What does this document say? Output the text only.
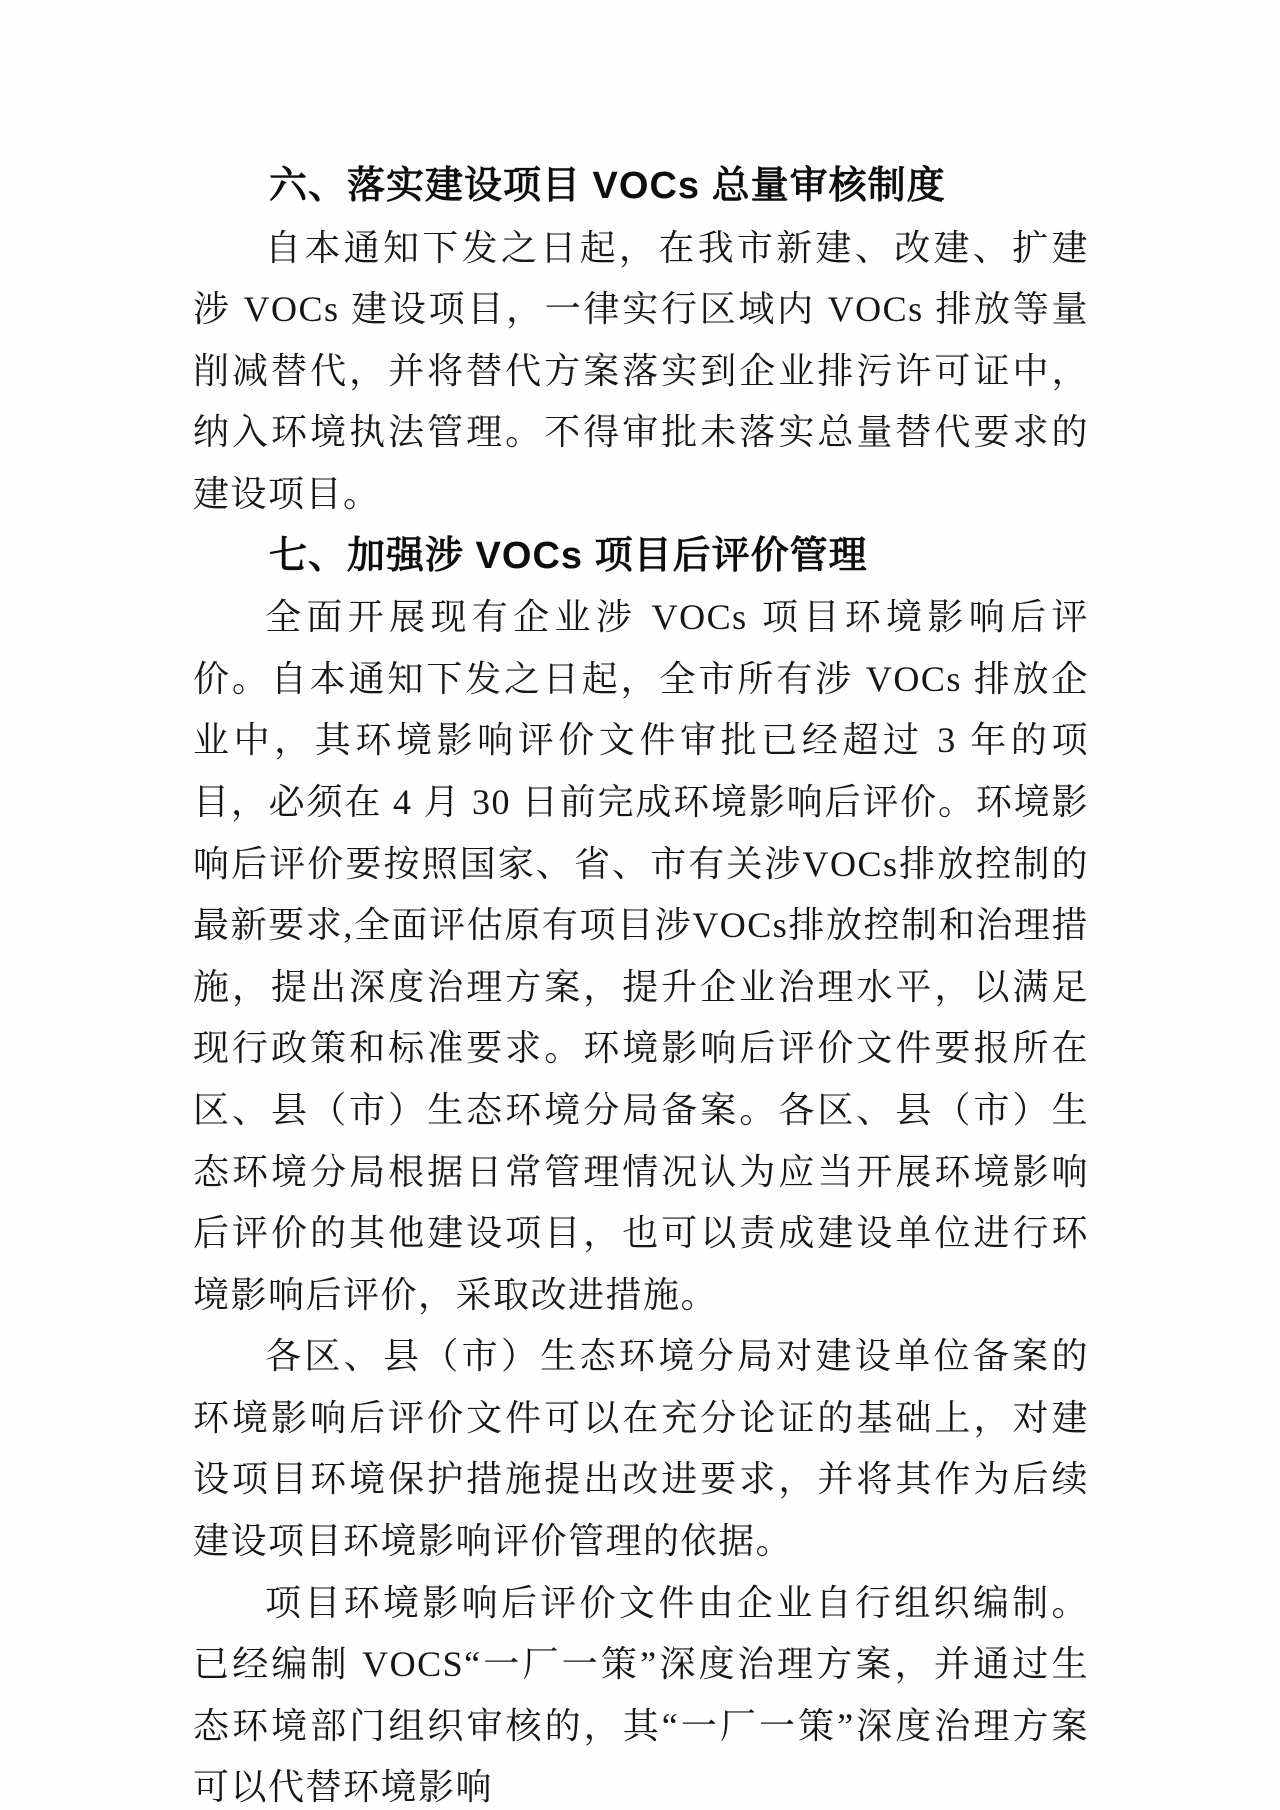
六、落实建设项目 VOCs 总量审核制度

自本通知下发之日起，在我市新建、改建、扩建涉 VOCs 建设项目，一律实行区域内 VOCs 排放等量削减替代，并将替代方案落实到企业排污许可证中，纳入环境执法管理。不得审批未落实总量替代要求的建设项目。

七、加强涉 VOCs 项目后评价管理

全面开展现有企业涉 VOCs 项目环境影响后评价。自本通知下发之日起，全市所有涉 VOCs 排放企业中，其环境影响评价文件审批已经超过 3 年的项目，必须在 4 月 30 日前完成环境影响后评价。环境影响后评价要按照国家、省、市有关涉VOCs排放控制的最新要求,全面评估原有项目涉VOCs排放控制和治理措施，提出深度治理方案，提升企业治理水平，以满足现行政策和标准要求。环境影响后评价文件要报所在区、县（市）生态环境分局备案。各区、县（市）生态环境分局根据日常管理情况认为应当开展环境影响后评价的其他建设项目，也可以责成建设单位进行环境影响后评价，采取改进措施。

各区、县（市）生态环境分局对建设单位备案的环境影响后评价文件可以在充分论证的基础上，对建设项目环境保护措施提出改进要求，并将其作为后续建设项目环境影响评价管理的依据。

项目环境影响后评价文件由企业自行组织编制。已经编制 VOCS“一厂一策”深度治理方案，并通过生态环境部门组织审核的，其“一厂一策”深度治理方案可以代替环境影响
